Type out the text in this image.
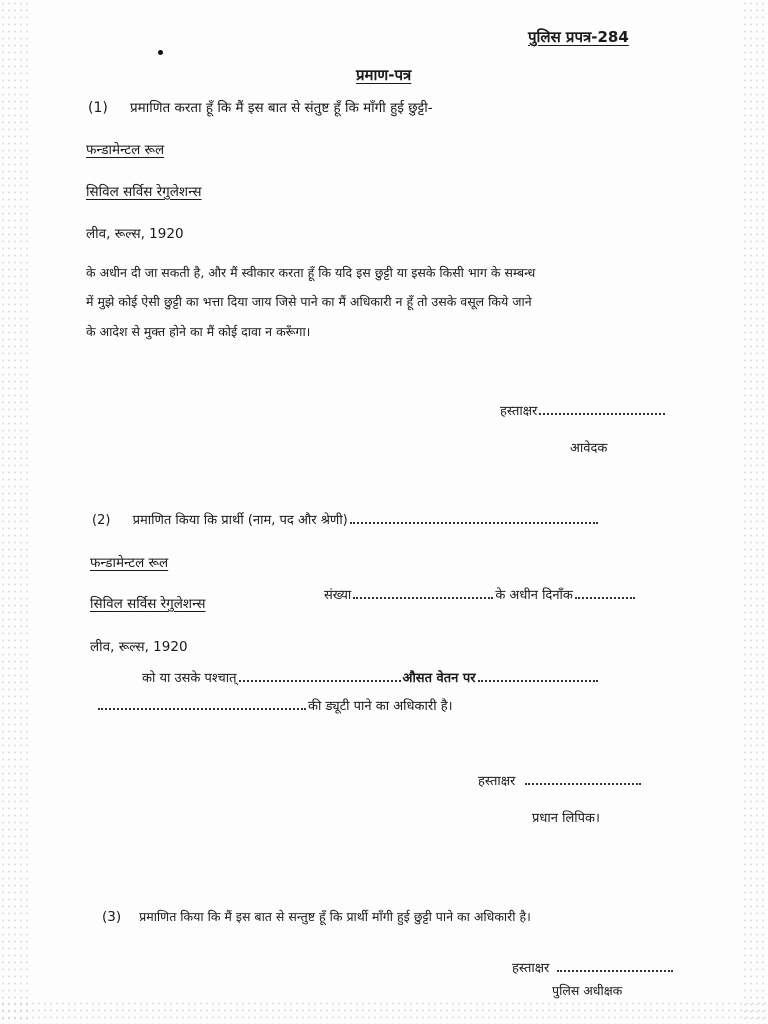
पुलिस प्रपत्र-284
प्रमाण-पत्र
(1) प्रमाणित करता हूँ कि मैं इस बात से संतुष्ट हूँ कि माँगी हुई छुट्टी-
फन्डामेन्टल रूल
सिविल सर्विस रेगुलेशन्स
लीव, रूल्स, 1920
के अधीन दी जा सकती है, और मैं स्वीकार करता हूँ कि यदि इस छुट्टी या इसके किसी भाग के सम्बन्ध
में मुझे कोई ऐसी छुट्टी का भत्ता दिया जाय जिसे पाने का मैं अधिकारी न हूँ तो उसके वसूल किये जाने
के आदेश से मुक्त होने का मैं कोई दावा न करूँगा।
हस्ताक्षर
आवेदक
(2) प्रमाणित किया कि प्रार्थी (नाम, पद और श्रेणी)
फन्डामेन्टल रूल
सिविल सर्विस रेगुलेशन्स
संख्या	के अधीन दिनाँक
लीव, रूल्स, 1920
को या उसके पश्चात्	औसत वेतन पर
की ड्यूटी पाने का अधिकारी है।
हस्ताक्षर
प्रधान लिपिक।
(3) प्रमाणित किया कि मैं इस बात से सन्तुष्ट हूँ कि प्रार्थी माँगी हुई छुट्टी पाने का अधिकारी है।
हस्ताक्षर
पुलिस अधीक्षक
